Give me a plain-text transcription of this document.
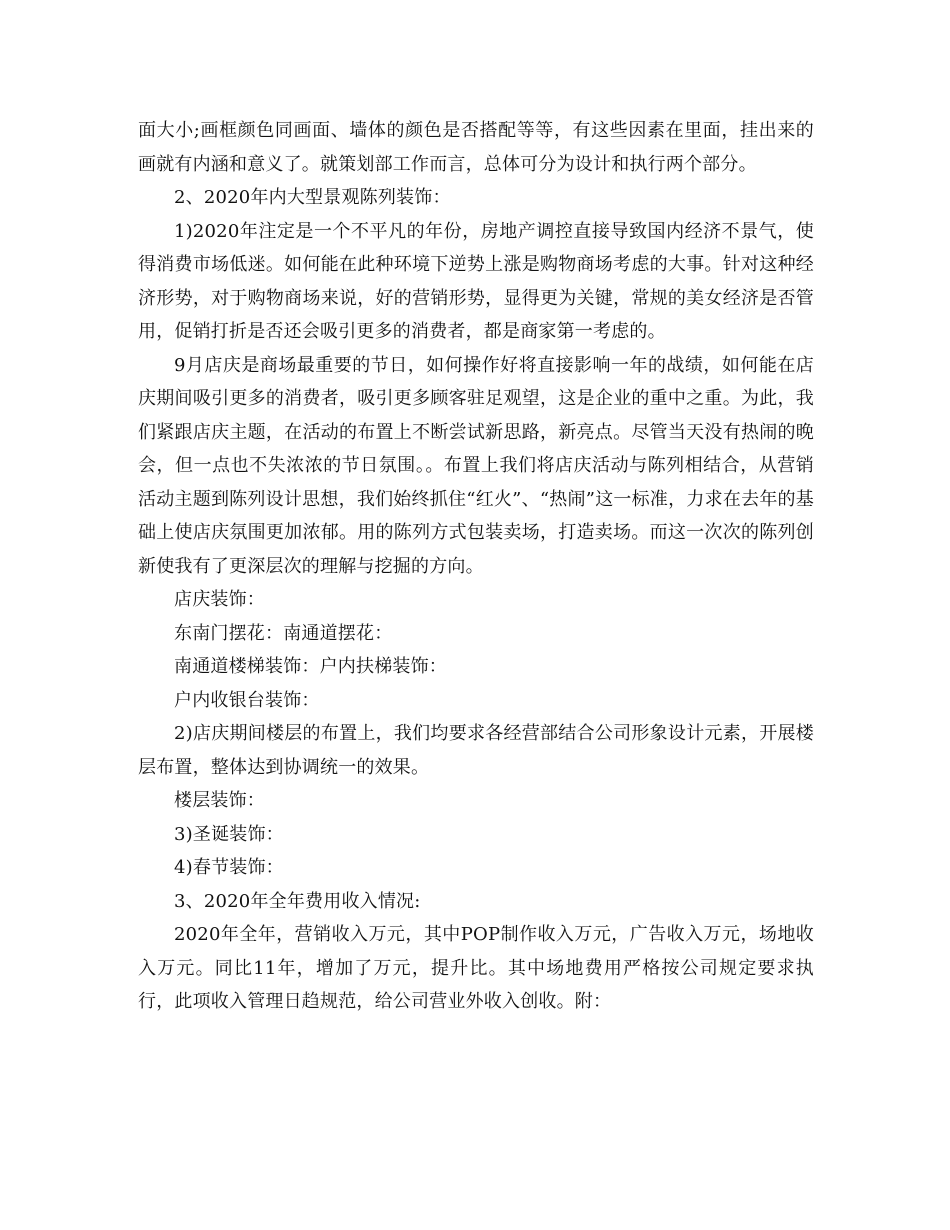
面大小;画框颜色同画面、墙体的颜色是否搭配等等，有这些因素在里面，挂出来的画就有内涵和意义了。就策划部工作而言，总体可分为设计和执行两个部分。

2、2020年内大型景观陈列装饰：

1)2020年注定是一个不平凡的年份，房地产调控直接导致国内经济不景气，使得消费市场低迷。如何能在此种环境下逆势上涨是购物商场考虑的大事。针对这种经济形势，对于购物商场来说，好的营销形势，显得更为关键，常规的美女经济是否管用，促销打折是否还会吸引更多的消费者，都是商家第一考虑的。

9月店庆是商场最重要的节日，如何操作好将直接影响一年的战绩，如何能在店庆期间吸引更多的消费者，吸引更多顾客驻足观望，这是企业的重中之重。为此，我们紧跟店庆主题，在活动的布置上不断尝试新思路，新亮点。尽管当天没有热闹的晚会，但一点也不失浓浓的节日氛围。。布置上我们将店庆活动与陈列相结合，从营销活动主题到陈列设计思想，我们始终抓住“红火”、“热闹”这一标准，力求在去年的基础上使店庆氛围更加浓郁。用的陈列方式包装卖场，打造卖场。而这一次次的陈列创新使我有了更深层次的理解与挖掘的方向。

店庆装饰：

东南门摆花：南通道摆花：

南通道楼梯装饰：户内扶梯装饰：

户内收银台装饰：

2)店庆期间楼层的布置上，我们均要求各经营部结合公司形象设计元素，开展楼层布置，整体达到协调统一的效果。

楼层装饰：

3)圣诞装饰：

4)春节装饰：

3、2020年全年费用收入情况:

2020年全年，营销收入万元，其中POP制作收入万元，广告收入万元，场地收入万元。同比11年，增加了万元，提升比。其中场地费用严格按公司规定要求执行，此项收入管理日趋规范，给公司营业外收入创收。附：
